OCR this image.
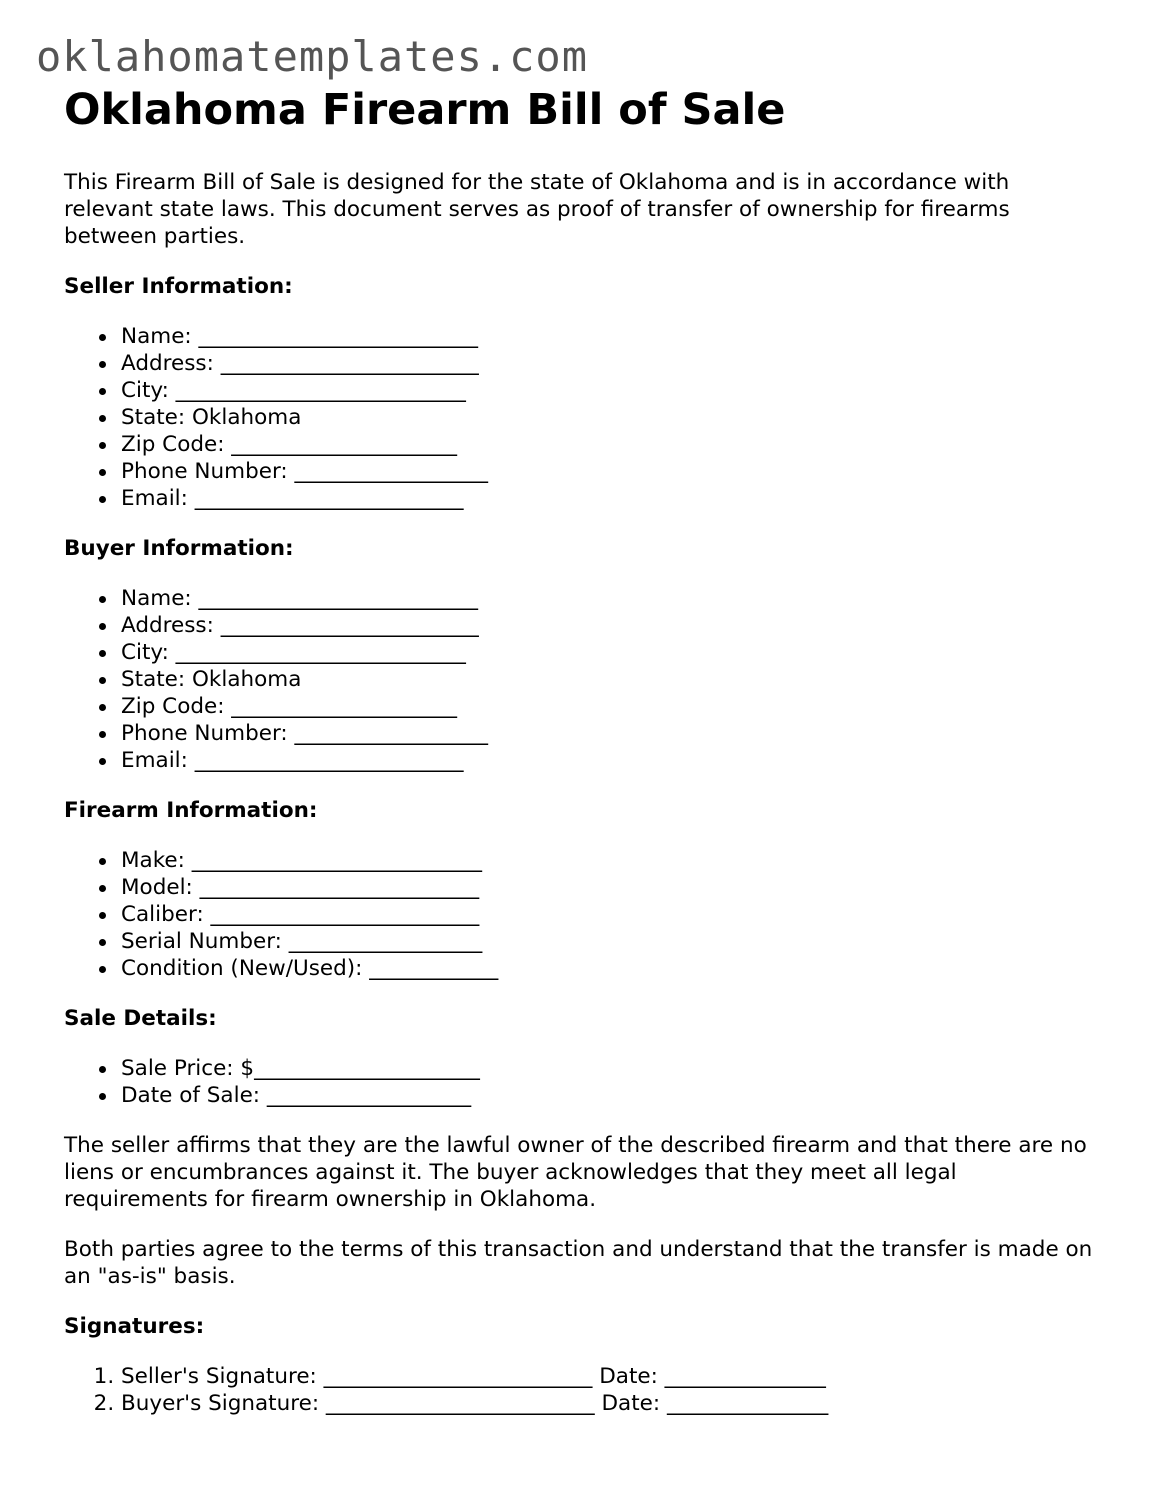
oklahomatemplates.com
Oklahoma Firearm Bill of Sale

This Firearm Bill of Sale is designed for the state of Oklahoma and is in accordance with relevant state laws. This document serves as proof of transfer of ownership for firearms between parties.

Seller Information:
Name: __________________________
Address: ________________________
City: ___________________________
State: Oklahoma
Zip Code: _____________________
Phone Number: __________________
Email: _________________________
Buyer Information:
Name: __________________________
Address: ________________________
City: ___________________________
State: Oklahoma
Zip Code: _____________________
Phone Number: __________________
Email: _________________________
Firearm Information:
Make: ___________________________
Model: __________________________
Caliber: _________________________
Serial Number: __________________
Condition (New/Used): ____________
Sale Details:
Sale Price: $_____________________
Date of Sale: ___________________

The seller affirms that they are the lawful owner of the described firearm and that there are no liens or encumbrances against it. The buyer acknowledges that they meet all legal requirements for firearm ownership in Oklahoma.

Both parties agree to the terms of this transaction and understand that the transfer is made on an "as-is" basis.

Signatures:
1. Seller's Signature: _________________________ Date: _______________
2. Buyer's Signature: _________________________ Date: _______________
